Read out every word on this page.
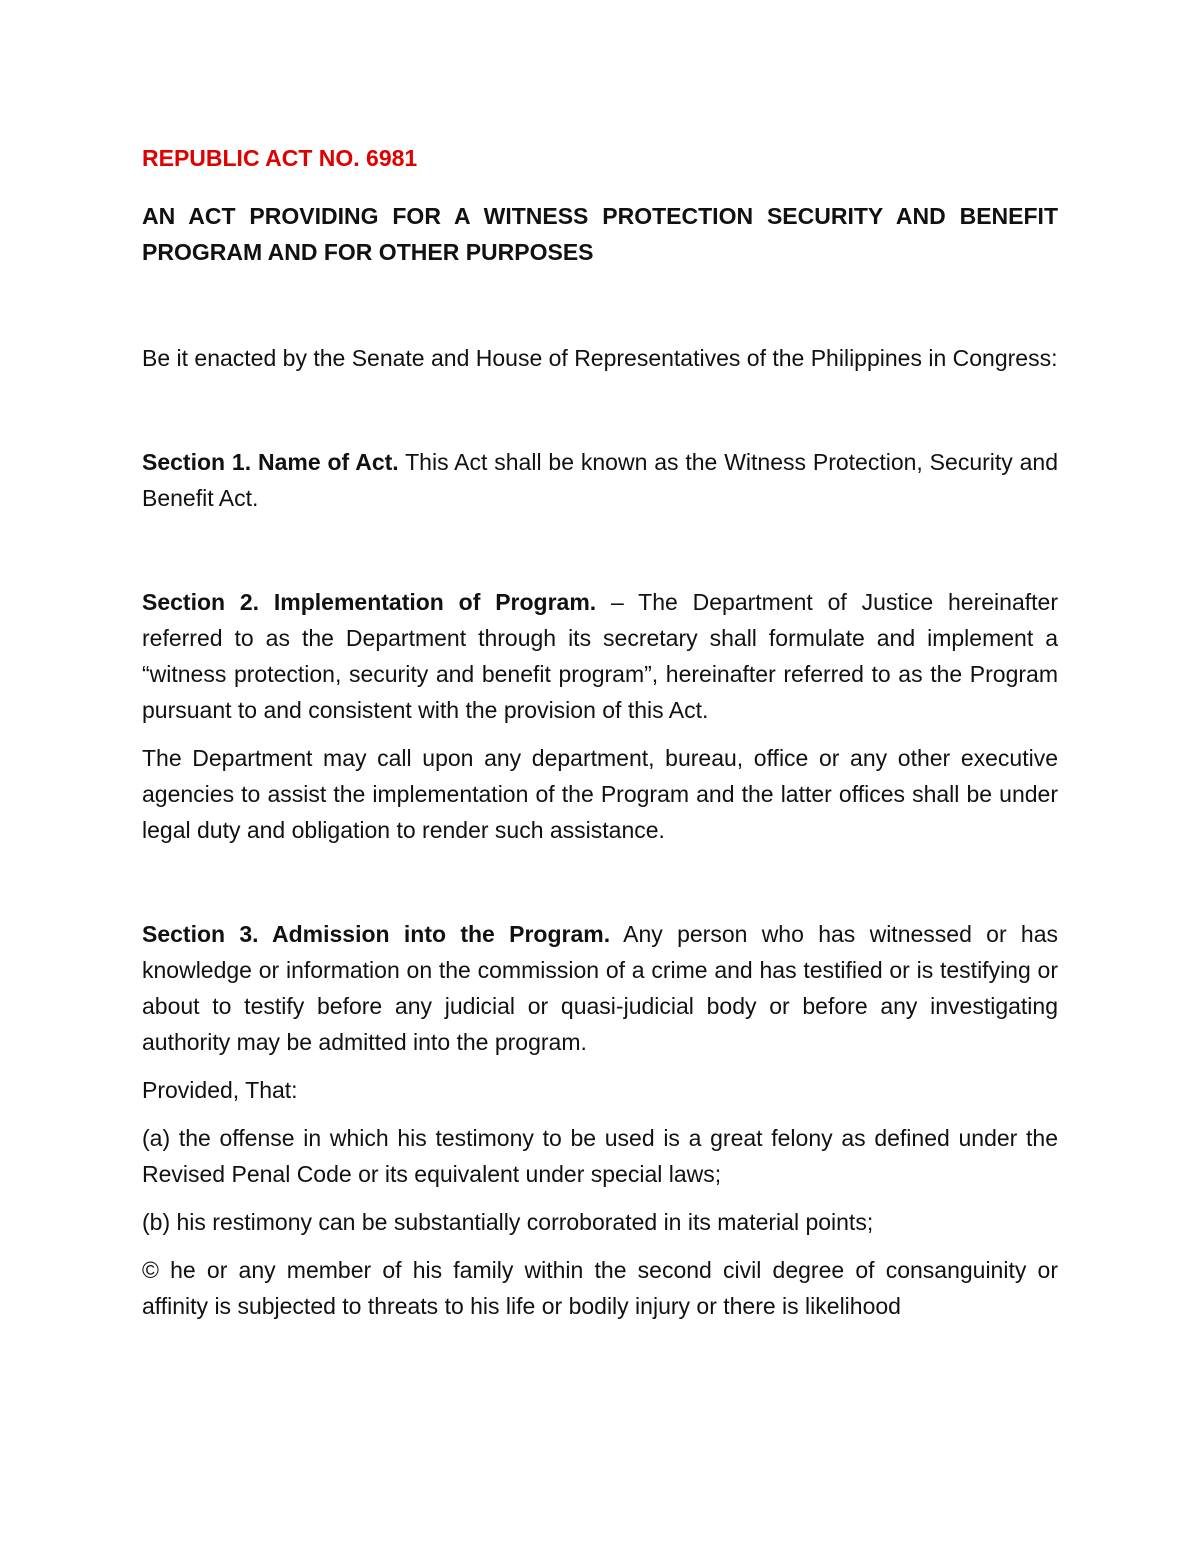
REPUBLIC ACT NO. 6981
AN ACT PROVIDING FOR A WITNESS PROTECTION SECURITY AND BENEFIT PROGRAM AND FOR OTHER PURPOSES

Be it enacted by the Senate and House of Representatives of the Philippines in Congress:

Section 1. Name of Act. This Act shall be known as the Witness Protection, Security and Benefit Act.

Section 2. Implementation of Program. – The Department of Justice hereinafter referred to as the Department through its secretary shall formulate and implement a “witness protection, security and benefit program”, hereinafter referred to as the Program pursuant to and consistent with the provision of this Act.

The Department may call upon any department, bureau, office or any other executive agencies to assist the implementation of the Program and the latter offices shall be under legal duty and obligation to render such assistance.

Section 3. Admission into the Program. Any person who has witnessed or has knowledge or information on the commission of a crime and has testified or is testifying or about to testify before any judicial or quasi-judicial body or before any investigating authority may be admitted into the program.

Provided, That:

(a) the offense in which his testimony to be used is a great felony as defined under the Revised Penal Code or its equivalent under special laws;

(b) his restimony can be substantially corroborated in its material points;

© he or any member of his family within the second civil degree of consanguinity or affinity is subjected to threats to his life or bodily injury or there is likelihood
